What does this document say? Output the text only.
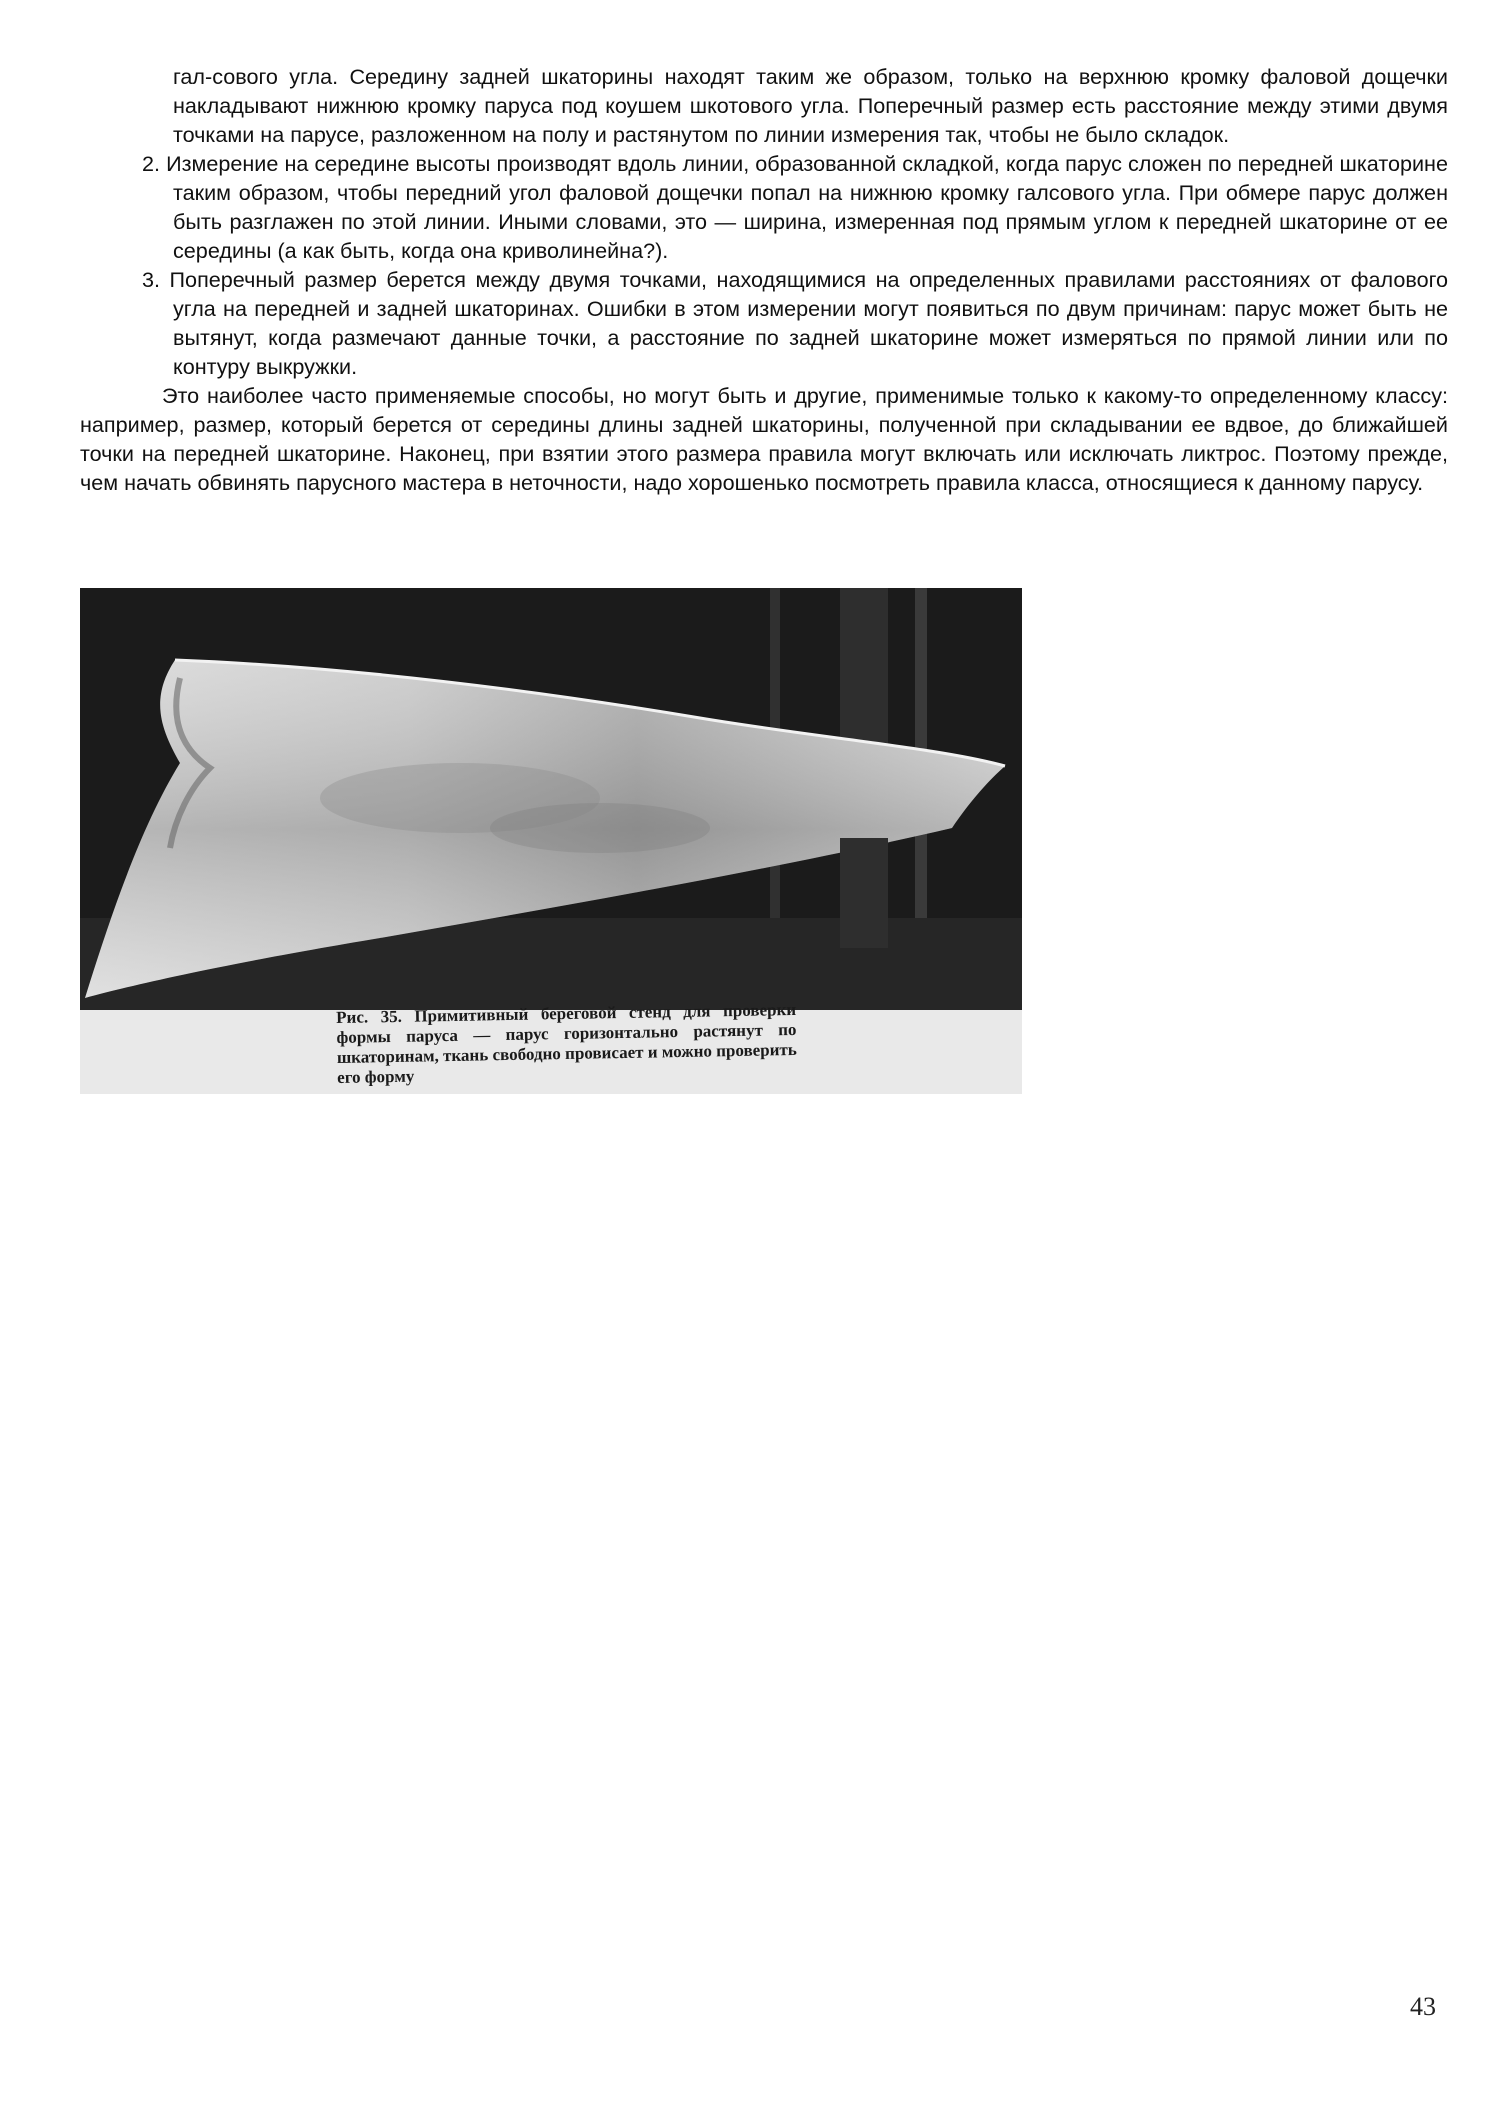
гал-сового угла. Середину задней шкаторины находят таким же образом, только на верхнюю кромку фаловой дощечки накладывают нижнюю кромку паруса под коушем шкотового угла. Поперечный размер есть расстояние между этими двумя точками на парусе, разложенном на полу и растянутом по линии измерения так, чтобы не было складок.

2. Измерение на середине высоты производят вдоль линии, образованной складкой, когда парус сложен по передней шкаторине таким образом, чтобы передний угол фаловой дощечки попал на нижнюю кромку галсового угла. При обмере парус должен быть разглажен по этой линии. Иными словами, это — ширина, измеренная под прямым углом к передней шкаторине от ее середины (а как быть, когда она криволинейна?).

3. Поперечный размер берется между двумя точками, находящимися на определенных правилами расстояниях от фалового угла на передней и задней шкаторинах. Ошибки в этом измерении могут появиться по двум причинам: парус может быть не вытянут, когда размечают данные точки, а расстояние по задней шкаторине может измеряться по прямой линии или по контуру выкружки.

Это наиболее часто применяемые способы, но могут быть и другие, применимые только к какому-то определенному классу: например, размер, который берется от середины длины задней шкаторины, полученной при складывании ее вдвое, до ближайшей точки на передней шкаторине. Наконец, при взятии этого размера правила могут включать или исключать ликтрос. Поэтому прежде, чем начать обвинять парусного мастера в неточности, надо хорошенько посмотреть правила класса, относящиеся к данному парусу.

Рис. 35. Примитивный береговой стенд для проверки формы паруса — парус горизонтально растянут по шкаторинам, ткань свободно провисает и можно проверить его форму
43
